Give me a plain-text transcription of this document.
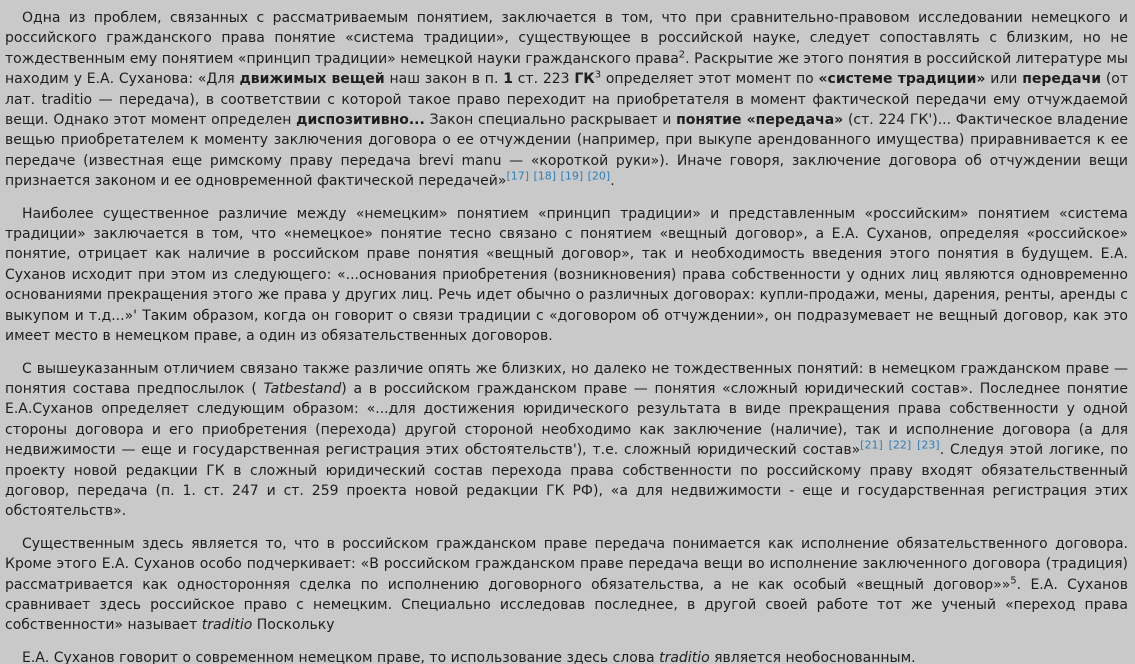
Одна из проблем, связанных с рассматриваемым понятием, заключается в том, что при сравнительно-правовом исследовании немецкого и российского гражданского права понятие «система традиции», существующее в российской науке, следует сопоставлять с близким, но не тождественным ему понятием «принцип традиции» немецкой науки гражданского права$^2$. Раскрытие же этого понятия в российской литературе мы находим у Е.А. Суханова: «Для движимых вещей наш закон в п. 1 ст. 223 $ГК^3$ определяет этот момент по «системе традиции» или передачи (от лат. traditio — передача), в соответствии с которой такое право переходит на приобретателя в момент фактической передачи ему отчуждаемой вещи. Однако этот момент определен диспозитивно... Закон специально раскрывает и понятие «передача» (ст. 224 ГК')... Фактическое владение вещью приобретателем к моменту заключения договора о ее отчуждении (например, при выкупе арендованного имущества) приравнивается к ее передаче (известная еще римскому праву передача brevi manu — «короткой руки»). Иначе говоря, заключение договора об отчуждении вещи признается законом и ее одновременной фактической передачей»[17] [18] [19] [20].

Наиболее существенное различие между «немецким» понятием «принцип традиции» и представленным «российским» понятием «система традиции» заключается в том, что «немецкое» понятие тесно связано с понятием «вещный договор», а Е.А. Суханов, определяя «российское» понятие, отрицает как наличие в российском праве понятия «вещный договор», так и необходимость введения этого понятия в будущем. Е.А. Суханов исходит при этом из следующего: «...основания приобретения (возникновения) права собственности у одних лиц являются одновременно основаниями прекращения этого же права у других лиц. Речь идет обычно о различных договорах: купли-продажи, мены, дарения, ренты, аренды с выкупом и т.д...»' Таким образом, когда он говорит о связи традиции с «договором об отчуждении», он подразумевает не вещный договор, как это имеет место в немецком праве, а один из обязательственных договоров.

С вышеуказанным отличием связано также различие опять же близких, но далеко не тождественных понятий: в немецком гражданском праве — понятия состава предпослылок ( Tatbestand) а в российском гражданском праве — понятия «сложный юридический состав». Последнее понятие Е.А.Суханов определяет следующим образом: «...для достижения юридического результата в виде прекращения права собственности у одной стороны договора и его приобретения (перехода) другой стороной необходимо как заключение (наличие), так и исполнение договора (а для недвижимости — еще и государственная регистрация этих обстоятельств'), т.е. сложный юридический состав»[21] [22] [23]. Следуя этой логике, по проекту новой редакции ГК в сложный юридический состав перехода права собственности по российскому праву входят обязательственный договор, передача (п. 1. ст. 247 и ст. 259 проекта новой редакции ГК РФ), «а для недвижимости - еще и государственная регистрация этих обстоятельств».

Существенным здесь является то, что в российском гражданском праве передача понимается как исполнение обязательственного договора. Кроме этого Е.А. Суханов особо подчеркивает: «В российском гражданском праве передача вещи во исполнение заключенного договора (традиция) рассматривается как односторонняя сделка по исполнению договорного обязательства, а не как особый «вещный договор»»$^5$. Е.А. Суханов сравнивает здесь российское право с немецким. Специально исследовав последнее, в другой своей работе тот же ученый «переход права собственности» называет traditio Поскольку

Е.А. Суханов говорит о современном немецком праве, то использование здесь слова traditio является необоснованным.
